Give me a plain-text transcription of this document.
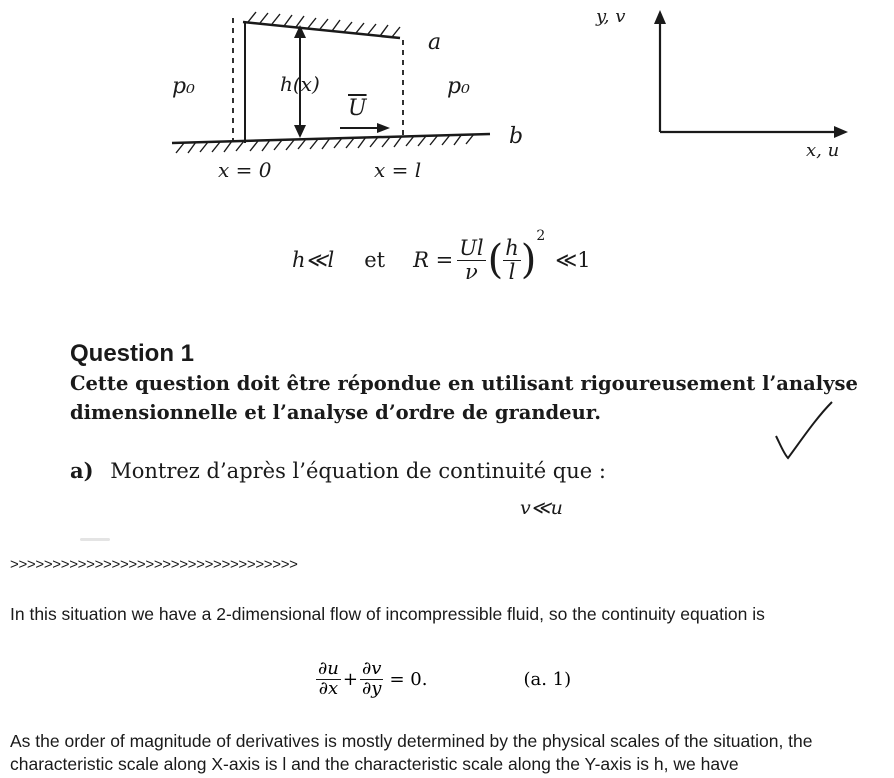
p₀	h(x)
$\overline{U}$
a
p₀
b
x = 0	x = l
y, v
x, u
h≪l et $R = \frac{Ul}{\nu}$ ( $\frac{h}{l}$ )
2
≪1
Question 1
Cette question doit être répondue en utilisant rigoureusement l’analyse
dimensionnelle et l’analyse d’ordre de grandeur.
a) Montrez d’après l’équation de continuité que :
v≪u
>>>>>>>>>>>>>>>>>>>>>>>>>>>>>>>>>>
In this situation we have a 2-dimensional flow of incompressible fluid, so the continuity equation is
$\frac{\partial u}{\partial x} + \frac{\partial v}{\partial y} = 0$.	(a. 1)
As the order of magnitude of derivatives is mostly determined by the physical scales of the situation, the
characteristic scale along X-axis is l and the characteristic scale along the Y-axis is h, we have
